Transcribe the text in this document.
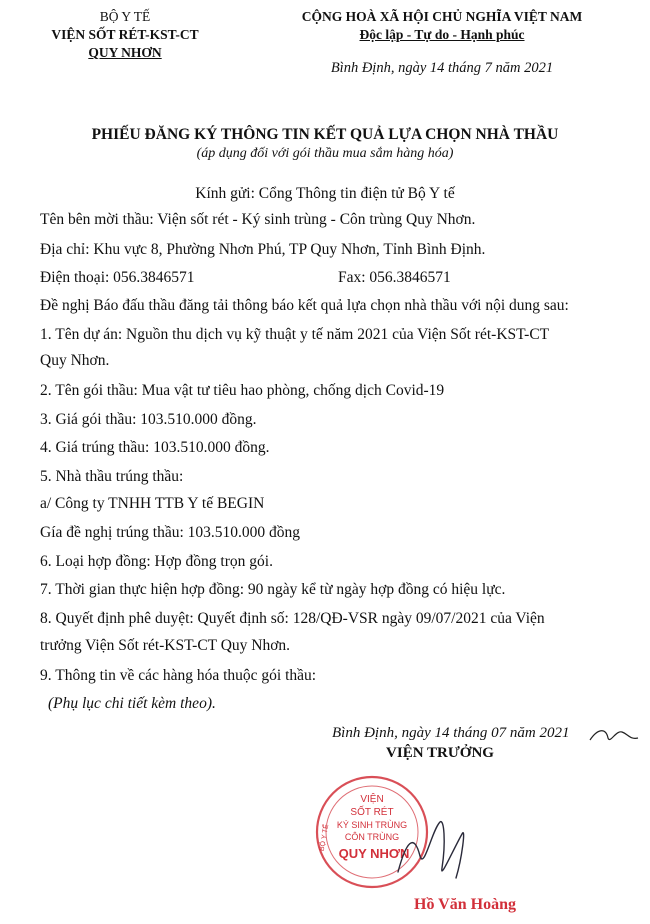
BỘ Y TẾ
VIỆN SỐT RÉT-KST-CT
QUY NHƠN
CỘNG HOÀ XÃ HỘI CHỦ NGHĨA VIỆT NAM
Độc lập - Tự do - Hạnh phúc
Bình Định, ngày 14 tháng 7 năm 2021
PHIẾU ĐĂNG KÝ THÔNG TIN KẾT QUẢ LỰA CHỌN NHÀ THẦU
(áp dụng đối với gói thầu mua sắm hàng hóa)
Kính gửi: Cổng Thông tin điện tử Bộ Y tế
Tên bên mời thầu: Viện sốt rét - Ký sinh trùng - Côn trùng Quy Nhơn.
Địa chỉ: Khu vực 8, Phường Nhơn Phú, TP Quy Nhơn, Tỉnh Bình Định.
Điện thoại: 056.3846571	Fax: 056.3846571
Đề nghị Báo đấu thầu đăng tải thông báo kết quả lựa chọn nhà thầu với nội dung sau:
1. Tên dự án: Nguồn thu dịch vụ kỹ thuật y tế năm 2021 của Viện Sốt rét-KST-CT
Quy Nhơn.
2. Tên gói thầu: Mua vật tư tiêu hao phòng, chống dịch Covid-19
3. Giá gói thầu: 103.510.000 đồng.
4. Giá trúng thầu: 103.510.000 đồng.
5. Nhà thầu trúng thầu:
a/ Công ty TNHH TTB Y tế BEGIN
Gía đề nghị trúng thầu: 103.510.000 đồng
6. Loại hợp đồng: Hợp đồng trọn gói.
7. Thời gian thực hiện hợp đồng: 90 ngày kể từ ngày hợp đồng có hiệu lực.
8. Quyết định phê duyệt: Quyết định số: 128/QĐ-VSR ngày 09/07/2021 của Viện
trưởng Viện Sốt rét-KST-CT Quy Nhơn.
9. Thông tin về các hàng hóa thuộc gói thầu:
(Phụ lục chi tiết kèm theo).
Bình Định, ngày 14 tháng 07 năm 2021
VIỆN TRƯỞNG
VIỆN
SỐT RÉT
KÝ SINH TRÙNG
CÔN TRÙNG
QUY NHƠN
BỘ Y TẾ
Hồ Văn Hoàng
